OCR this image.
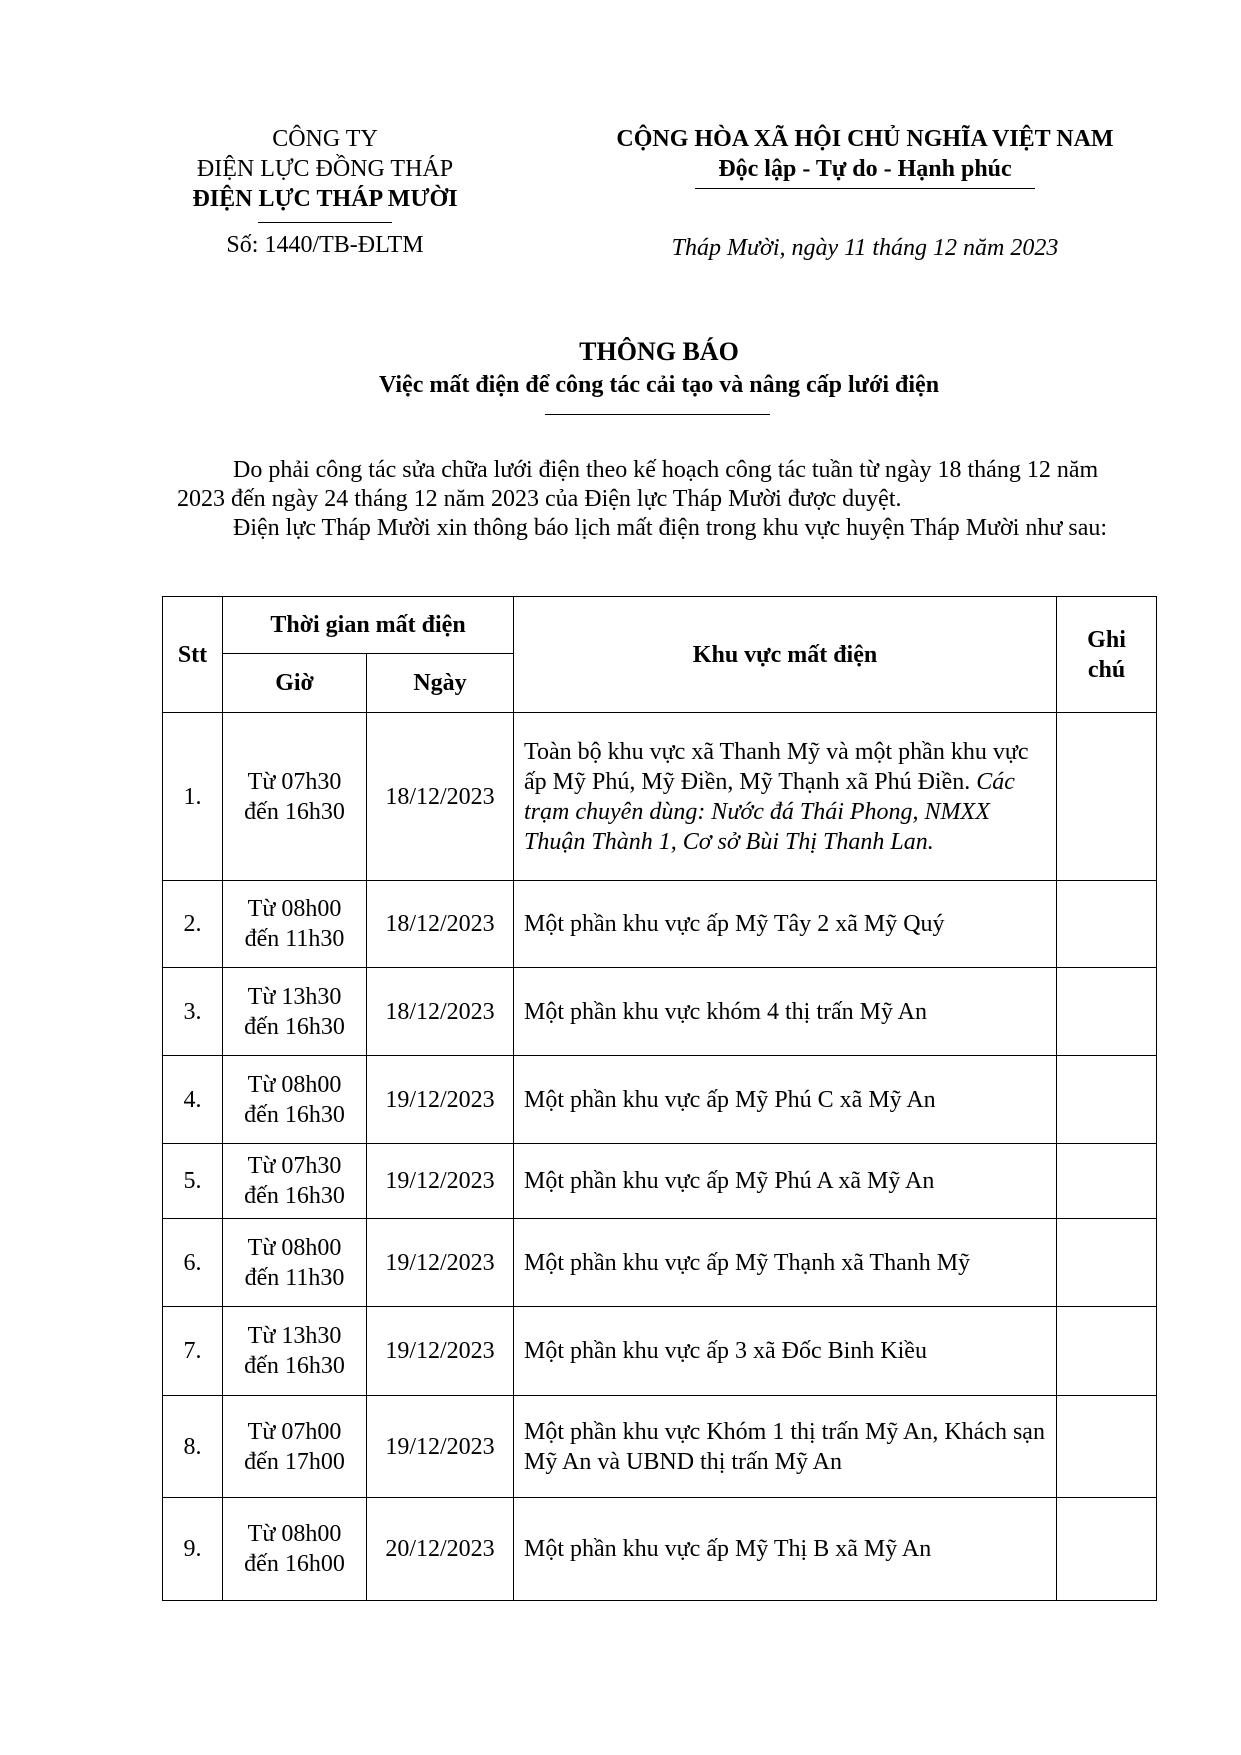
CÔNG TY
ĐIỆN LỰC ĐỒNG THÁP
ĐIỆN LỰC THÁP MƯỜI
Số: 1440/TB-ĐLTM
CỘNG HÒA XÃ HỘI CHỦ NGHĨA VIỆT NAM
Độc lập - Tự do - Hạnh phúc
Tháp Mười, ngày 11 tháng 12 năm 2023
THÔNG BÁO
Việc mất điện để công tác cải tạo và nâng cấp lưới điện
Do phải công tác sửa chữa lưới điện theo kế hoạch công tác tuần từ ngày 18 tháng 12 năm 2023 đến ngày 24 tháng 12 năm 2023 của Điện lực Tháp Mười được duyệt.
Điện lực Tháp Mười xin thông báo lịch mất điện trong khu vực huyện Tháp Mười như sau:
Stt	Thời gian mất điện		Khu vực mất điện	Ghi chú
	Giờ	Ngày		
1.	Từ 07h30
đến 16h30	18/12/2023	Toàn bộ khu vực xã Thanh Mỹ và một phần khu vực ấp Mỹ Phú, Mỹ Điền, Mỹ Thạnh xã Phú Điền. Các trạm chuyên dùng: Nước đá Thái Phong, NMXX Thuận Thành 1, Cơ sở Bùi Thị Thanh Lan.	
2.	Từ 08h00
đến 11h30	18/12/2023	Một phần khu vực ấp Mỹ Tây 2 xã Mỹ Quý	
3.	Từ 13h30
đến 16h30	18/12/2023	Một phần khu vực khóm 4 thị trấn Mỹ An	
4.	Từ 08h00
đến 16h30	19/12/2023	Một phần khu vực ấp Mỹ Phú C xã Mỹ An	
5.	Từ 07h30
đến 16h30	19/12/2023	Một phần khu vực ấp Mỹ Phú A xã Mỹ An	
6.	Từ 08h00
đến 11h30	19/12/2023	Một phần khu vực ấp Mỹ Thạnh xã Thanh Mỹ	
7.	Từ 13h30
đến 16h30	19/12/2023	Một phần khu vực ấp 3 xã Đốc Binh Kiều	
8.	Từ 07h00
đến 17h00	19/12/2023	Một phần khu vực Khóm 1 thị trấn Mỹ An, Khách sạn Mỹ An và UBND thị trấn Mỹ An	
9.	Từ 08h00
đến 16h00	20/12/2023	Một phần khu vực ấp Mỹ Thị B xã Mỹ An	
